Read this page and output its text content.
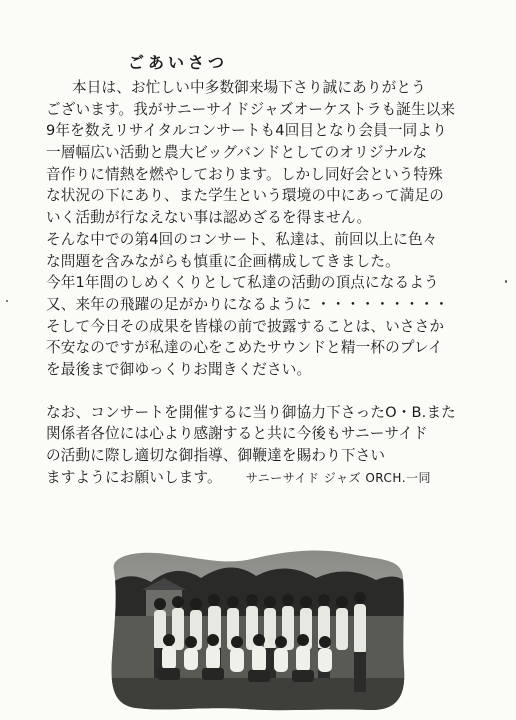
ごあいさつ
本日は、お忙しい中多数御来場下さり誠にありがとう
ございます。我がサニーサイドジャズオーケストラも誕生以来
9年を数えリサイタルコンサートも4回目となり会員一同より
一層幅広い活動と農大ビッグバンドとしてのオリジナルな
音作りに情熱を燃やしております。しかし同好会という特殊
な状況の下にあり、また学生という環境の中にあって満足の
いく活動が行なえない事は認めざるを得ません。
そんな中での第4回のコンサート、私達は、前回以上に色々
な問題を含みながらも慎重に企画構成してきました。
今年1年間のしめくくりとして私達の活動の頂点になるよう
又、来年の飛躍の足がかりになるように ・・・・・・・・・
そして今日その成果を皆様の前で披露することは、いささか
不安なのですが私達の心をこめたサウンドと精一杯のプレイ
を最後まで御ゆっくりお聞きください。
なお、コンサートを開催するに当り御協力下さったO・B.また
関係者各位には心より感謝すると共に今後もサニーサイド
の活動に際し適切な御指導、御鞭達を賜わり下さい
ますようにお願いします。 サニーサイド ジャズ ORCH.一同
